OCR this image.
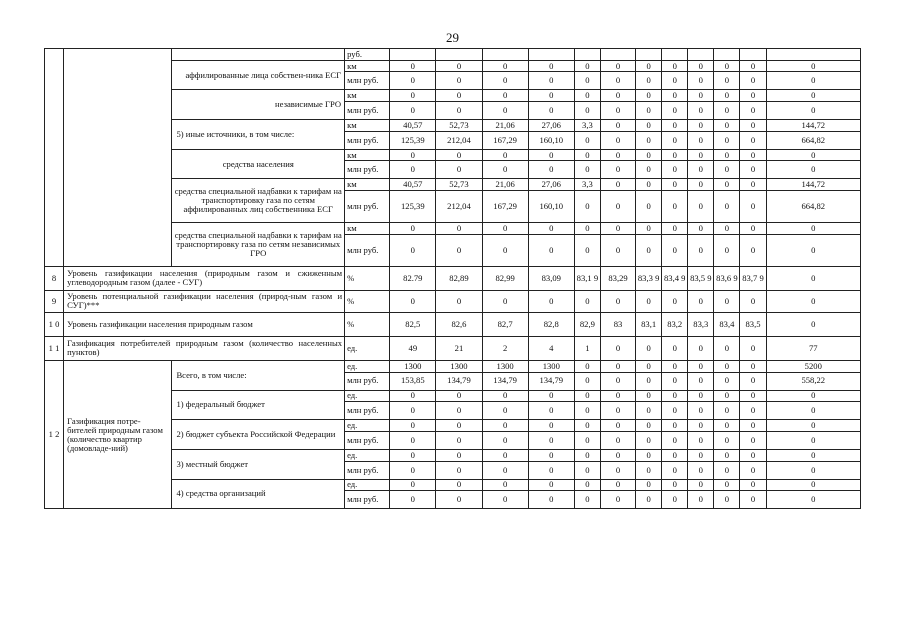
29
			руб.												
		аффилированные лица собствен-ника ЕСГ	км	0	0	0	0	0	0	0	0	0	0	0	0
			млн руб.	0	0	0	0	0	0	0	0	0	0	0	0
		независимые ГРО	км	0	0	0	0	0	0	0	0	0	0	0	0
			млн руб.	0	0	0	0	0	0	0	0	0	0	0	0
		5) иные источники, в том числе:	км	40,57	52,73	21,06	27,06	3,3	0	0	0	0	0	0	144,72
			млн руб.	125,39	212,04	167,29	160,10	0	0	0	0	0	0	0	664,82
		средства населения	км	0	0	0	0	0	0	0	0	0	0	0	0
			млн руб.	0	0	0	0	0	0	0	0	0	0	0	0
		средства специальной надбавки к тарифам на транспортировку газа по сетям аффилированных лиц собственника ЕСГ	км	40,57	52,73	21,06	27,06	3,3	0	0	0	0	0	0	144,72
			млн руб.	125,39	212,04	167,29	160,10	0	0	0	0	0	0	0	664,82
		средства специальной надбавки к тарифам на транспортировку газа по сетям независимых ГРО	км	0	0	0	0	0	0	0	0	0	0	0	0
			млн руб.	0	0	0	0	0	0	0	0	0	0	0	0
8	Уровень газификации населения (природным газом и сжиженным углеводородным газом (далее - СУГ)		%	82.79	82,89	82,99	83,09	83,1 9	83,29	83,3 9	83,4 9	83,5 9	83,6 9	83,7 9	0
9	Уровень потенциальной газификации населения (природ-ным газом и СУГ)***		%	0	0	0	0	0	0	0	0	0	0	0	0
1 0	Уровень газификации населения природным газом		%	82,5	82,6	82,7	82,8	82,9	83	83,1	83,2	83,3	83,4	83,5	0
1 1	Газификация потребителей природным газом (количество населенных пунктов)		ед.	49	21	2	4	1	0	0	0	0	0	0	77
1 2	Газификация потре-бителей природным газом (количество квартир (домовладе-ний)	Всего, в том числе:	ед.	1300	1300	1300	1300	0	0	0	0	0	0	0	5200
			млн руб.	153,85	134,79	134,79	134,79	0	0	0	0	0	0	0	558,22
		1) федеральный бюджет	ед.	0	0	0	0	0	0	0	0	0	0	0	0
			млн руб.	0	0	0	0	0	0	0	0	0	0	0	0
		2) бюджет субъекта Российской Федерации	ед.	0	0	0	0	0	0	0	0	0	0	0	0
			млн руб.	0	0	0	0	0	0	0	0	0	0	0	0
		3) местный бюджет	ед.	0	0	0	0	0	0	0	0	0	0	0	0
			млн руб.	0	0	0	0	0	0	0	0	0	0	0	0
		4) средства организаций	ед.	0	0	0	0	0	0	0	0	0	0	0	0
			млн руб.	0	0	0	0	0	0	0	0	0	0	0	0
